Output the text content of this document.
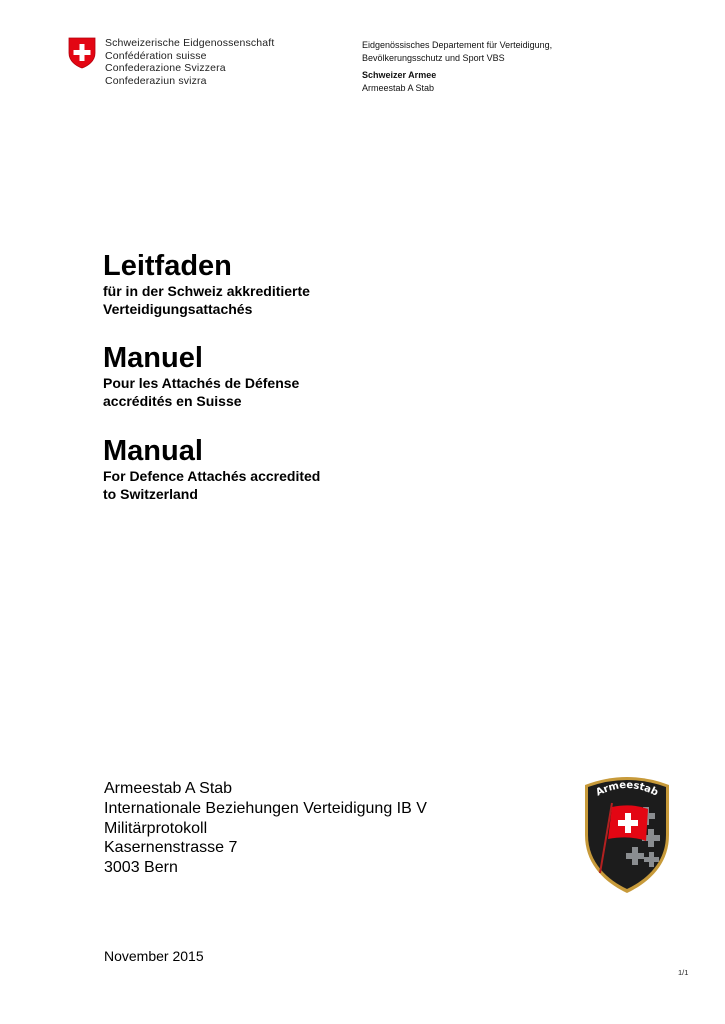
Schweizerische Eidgenossenschaft
Confédération suisse
Confederazione Svizzera
Confederaziun svizra
Eidgenössisches Departement für Verteidigung,
Bevölkerungsschutz und Sport VBS
Schweizer Armee
Armeestab A Stab
Leitfaden
für in der Schweiz akkreditierte
Verteidigungsattachés
Manuel
Pour les Attachés de Défense
accrédités en Suisse
Manual
For Defence Attachés accredited
to Switzerland
Armeestab A Stab
Internationale Beziehungen Verteidigung IB V
Militärprotokoll
Kasernenstrasse 7
3003 Bern
Armeestab
November 2015
1/1
